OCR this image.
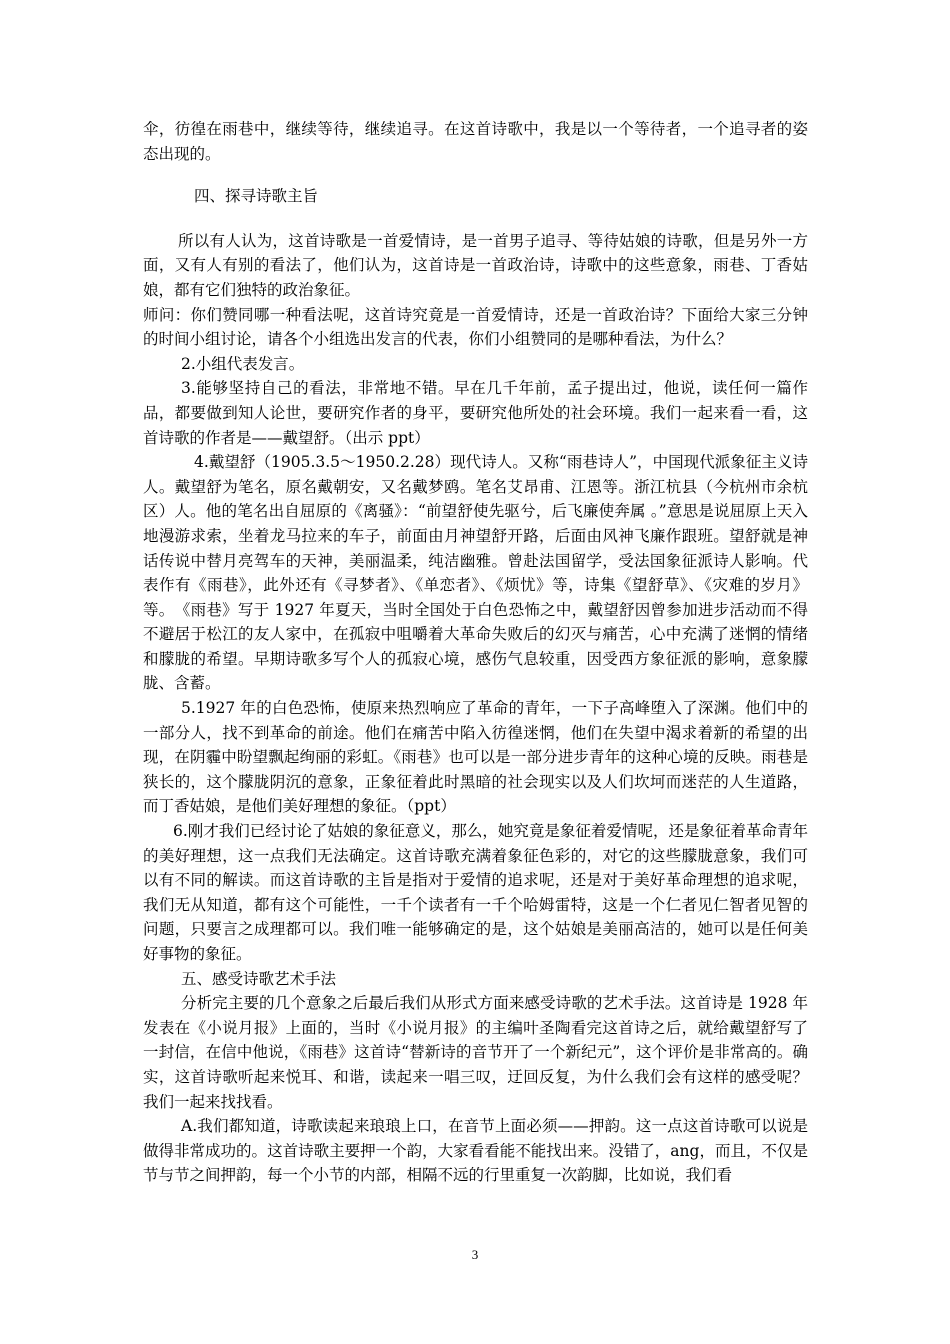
伞，彷徨在雨巷中，继续等待，继续追寻。在这首诗歌中，我是以一个等待者，一个追寻者的姿态出现的。

四、探寻诗歌主旨

所以有人认为，这首诗歌是一首爱情诗，是一首男子追寻、等待姑娘的诗歌，但是另外一方面，又有人有别的看法了，他们认为，这首诗是一首政治诗，诗歌中的这些意象，雨巷、丁香姑娘，都有它们独特的政治象征。

师问：你们赞同哪一种看法呢，这首诗究竟是一首爱情诗，还是一首政治诗？下面给大家三分钟的时间小组讨论，请各个小组选出发言的代表，你们小组赞同的是哪种看法，为什么？

2.小组代表发言。

3.能够坚持自己的看法，非常地不错。早在几千年前，孟子提出过，他说，读任何一篇作品，都要做到知人论世，要研究作者的身平，要研究他所处的社会环境。我们一起来看一看，这首诗歌的作者是——戴望舒。（出示 ppt）

4.戴望舒（1905.3.5～1950.2.28）现代诗人。又称“雨巷诗人”，中国现代派象征主义诗人。戴望舒为笔名，原名戴朝安，又名戴梦鸥。笔名艾昂甫、江恩等。浙江杭县（今杭州市余杭区）人。他的笔名出自屈原的《离骚》：“前望舒使先驱兮，后飞廉使奔属 。”意思是说屈原上天入地漫游求索，坐着龙马拉来的车子，前面由月神望舒开路，后面由风神飞廉作跟班。望舒就是神话传说中替月亮驾车的天神，美丽温柔，纯洁幽雅。曾赴法国留学，受法国象征派诗人影响。代表作有《雨巷》，此外还有《寻梦者》、《单恋者》、《烦忧》等，诗集《望舒草》、《灾难的岁月》等。　《雨巷》写于 1927 年夏天，当时全国处于白色恐怖之中，戴望舒因曾参加进步活动而不得不避居于松江的友人家中，在孤寂中咀嚼着大革命失败后的幻灭与痛苦，心中充满了迷惘的情绪和朦胧的希望。早期诗歌多写个人的孤寂心境，感伤气息较重，因受西方象征派的影响，意象朦胧、含蓄。

5.1927 年的白色恐怖，使原来热烈响应了革命的青年，一下子高峰堕入了深渊。他们中的一部分人，找不到革命的前途。他们在痛苦中陷入彷徨迷惘，他们在失望中渴求着新的希望的出现，在阴霾中盼望飘起绚丽的彩虹。《雨巷》也可以是一部分进步青年的这种心境的反映。雨巷是狭长的，这个朦胧阴沉的意象，正象征着此时黑暗的社会现实以及人们坎坷而迷茫的人生道路，而丁香姑娘，是他们美好理想的象征。（ppt）

6.刚才我们已经讨论了姑娘的象征意义，那么，她究竟是象征着爱情呢，还是象征着革命青年的美好理想，这一点我们无法确定。这首诗歌充满着象征色彩的，对它的这些朦胧意象，我们可以有不同的解读。而这首诗歌的主旨是指对于爱情的追求呢，还是对于美好革命理想的追求呢，我们无从知道，都有这个可能性，一千个读者有一千个哈姆雷特，这是一个仁者见仁智者见智的问题，只要言之成理都可以。我们唯一能够确定的是，这个姑娘是美丽高洁的，她可以是任何美好事物的象征。

五、感受诗歌艺术手法

分析完主要的几个意象之后最后我们从形式方面来感受诗歌的艺术手法。这首诗是 1928 年发表在《小说月报》上面的，当时《小说月报》的主编叶圣陶看完这首诗之后，就给戴望舒写了一封信，在信中他说，《雨巷》这首诗“替新诗的音节开了一个新纪元”，这个评价是非常高的。确实，这首诗歌听起来悦耳、和谐，读起来一唱三叹，迂回反复，为什么我们会有这样的感受呢？我们一起来找找看。

A.我们都知道，诗歌读起来琅琅上口，在音节上面必须——押韵。这一点这首诗歌可以说是做得非常成功的。这首诗歌主要押一个韵，大家看看能不能找出来。没错了，ang，而且，不仅是节与节之间押韵，每一个小节的内部，相隔不远的行里重复一次韵脚，比如说，我们看

3
